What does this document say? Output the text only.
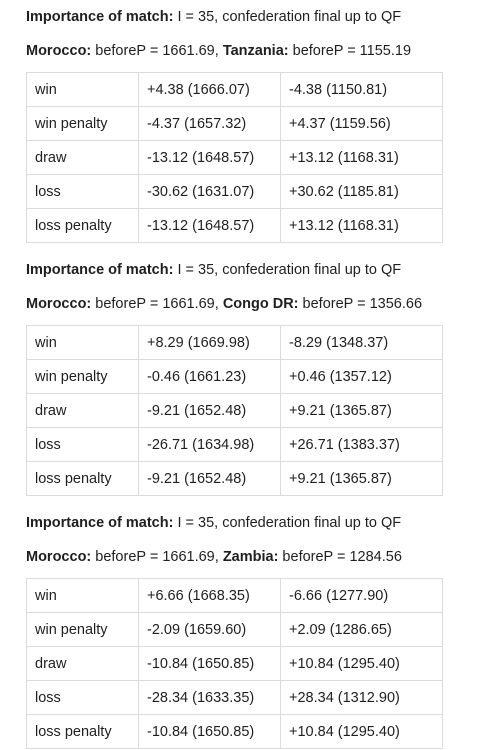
Importance of match: I = 35, confederation final up to QF
Morocco: beforeP = 1661.69, Tanzania: beforeP = 1155.19
win	+4.38 (1666.07)	-4.38 (1150.81)
win penalty	-4.37 (1657.32)	+4.37 (1159.56)
draw	-13.12 (1648.57)	+13.12 (1168.31)
loss	-30.62 (1631.07)	+30.62 (1185.81)
loss penalty	-13.12 (1648.57)	+13.12 (1168.31)
Importance of match: I = 35, confederation final up to QF
Morocco: beforeP = 1661.69, Congo DR: beforeP = 1356.66
win	+8.29 (1669.98)	-8.29 (1348.37)
win penalty	-0.46 (1661.23)	+0.46 (1357.12)
draw	-9.21 (1652.48)	+9.21 (1365.87)
loss	-26.71 (1634.98)	+26.71 (1383.37)
loss penalty	-9.21 (1652.48)	+9.21 (1365.87)
Importance of match: I = 35, confederation final up to QF
Morocco: beforeP = 1661.69, Zambia: beforeP = 1284.56
win	+6.66 (1668.35)	-6.66 (1277.90)
win penalty	-2.09 (1659.60)	+2.09 (1286.65)
draw	-10.84 (1650.85)	+10.84 (1295.40)
loss	-28.34 (1633.35)	+28.34 (1312.90)
loss penalty	-10.84 (1650.85)	+10.84 (1295.40)
